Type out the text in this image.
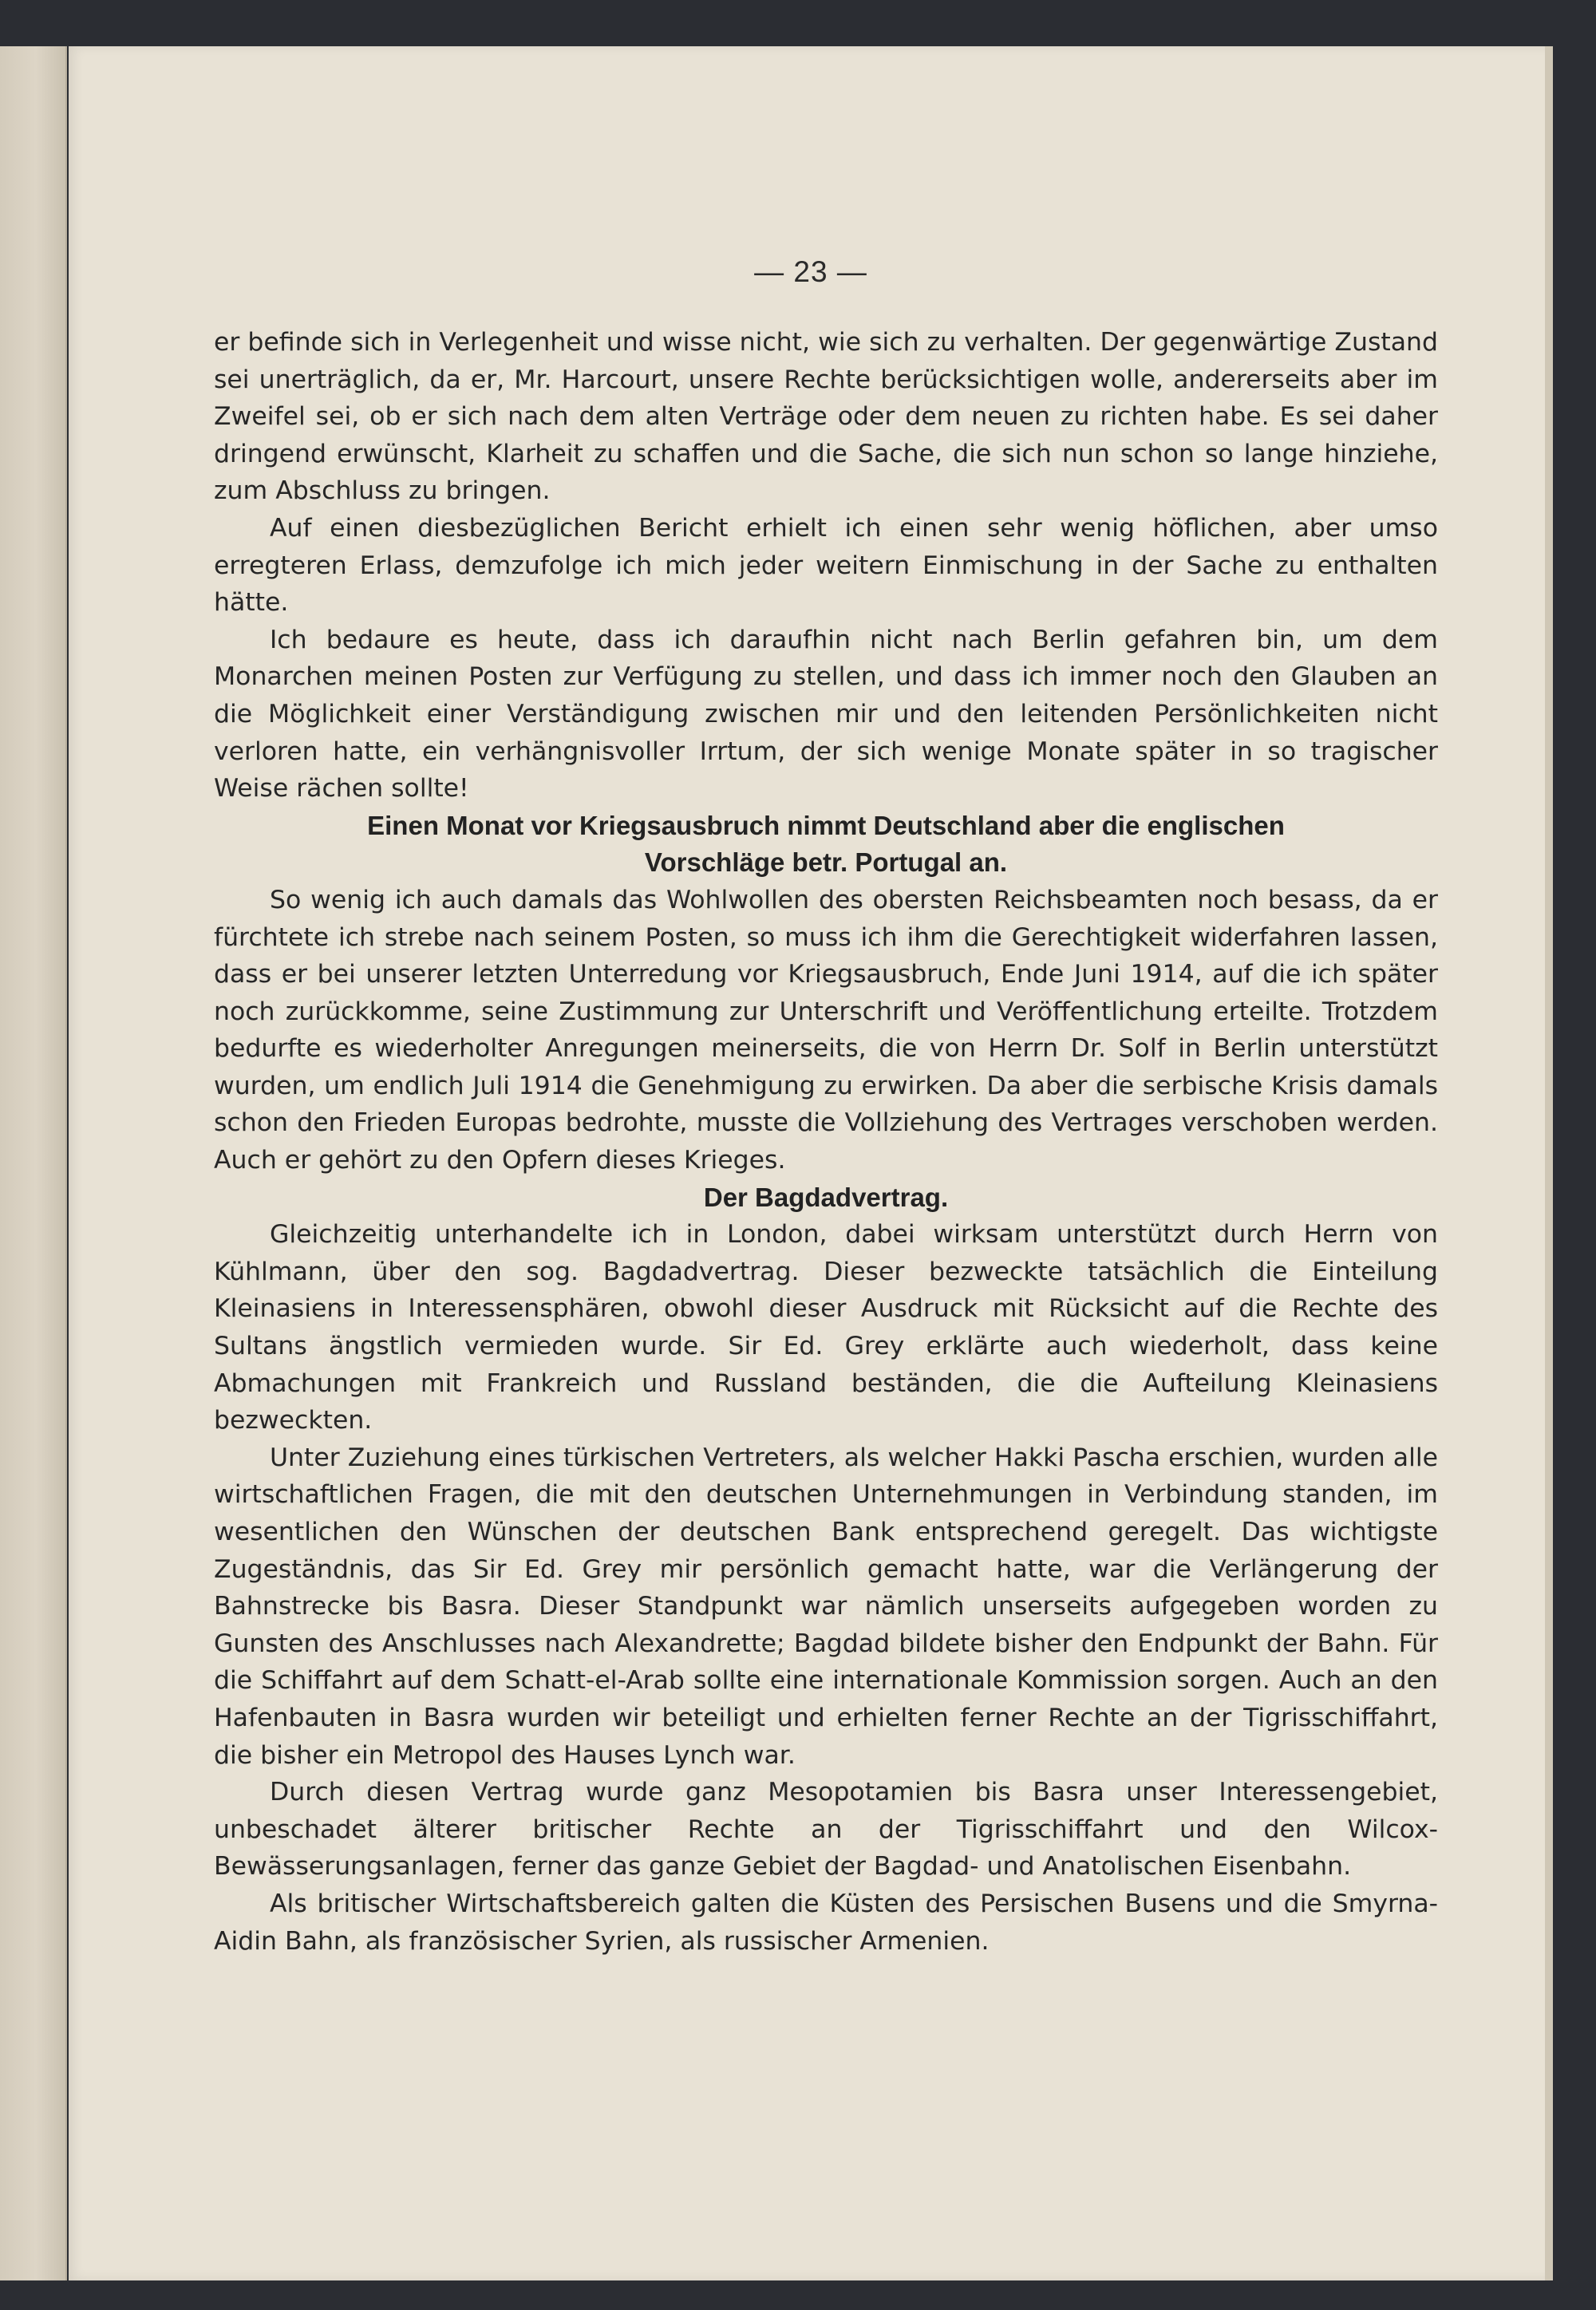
— 23 —

er befinde sich in Verlegenheit und wisse nicht, wie sich zu verhalten. Der gegenwärtige Zustand sei unerträglich, da er, Mr. Harcourt, unsere Rechte berücksichtigen wolle, andererseits aber im Zweifel sei, ob er sich nach dem alten Verträge oder dem neuen zu richten habe. Es sei daher dringend erwünscht, Klarheit zu schaffen und die Sache, die sich nun schon so lange hinziehe, zum Abschluss zu bringen.

Auf einen diesbezüglichen Bericht erhielt ich einen sehr wenig höflichen, aber umso erregteren Erlass, demzufolge ich mich jeder weitern Einmischung in der Sache zu enthalten hätte.

Ich bedaure es heute, dass ich daraufhin nicht nach Berlin gefahren bin, um dem Monarchen meinen Posten zur Verfügung zu stellen, und dass ich immer noch den Glauben an die Möglichkeit einer Verständigung zwischen mir und den leitenden Persönlichkeiten nicht verloren hatte, ein verhängnisvoller Irrtum, der sich wenige Monate später in so tragischer Weise rächen sollte!

Einen Monat vor Kriegsausbruch nimmt Deutschland aber die englischen
Vorschläge betr. Portugal an.

So wenig ich auch damals das Wohlwollen des obersten Reichsbeamten noch besass, da er fürchtete ich strebe nach seinem Posten, so muss ich ihm die Gerechtigkeit widerfahren lassen, dass er bei unserer letzten Unterredung vor Kriegsausbruch, Ende Juni 1914, auf die ich später noch zurückkomme, seine Zustimmung zur Unterschrift und Veröffentlichung erteilte. Trotzdem bedurfte es wiederholter Anregungen meinerseits, die von Herrn Dr. Solf in Berlin unterstützt wurden, um endlich Juli 1914 die Genehmigung zu erwirken. Da aber die serbische Krisis damals schon den Frieden Europas bedrohte, musste die Vollziehung des Vertrages verschoben werden. Auch er gehört zu den Opfern dieses Krieges.

Der Bagdadvertrag.

Gleichzeitig unterhandelte ich in London, dabei wirksam unterstützt durch Herrn von Kühlmann, über den sog. Bagdadvertrag. Dieser bezweckte tatsächlich die Einteilung Kleinasiens in Interessensphären, obwohl dieser Ausdruck mit Rücksicht auf die Rechte des Sultans ängstlich vermieden wurde. Sir Ed. Grey erklärte auch wiederholt, dass keine Abmachungen mit Frankreich und Russland beständen, die die Aufteilung Kleinasiens bezweckten.

Unter Zuziehung eines türkischen Vertreters, als welcher Hakki Pascha erschien, wurden alle wirtschaftlichen Fragen, die mit den deutschen Unternehmungen in Verbindung standen, im wesentlichen den Wünschen der deutschen Bank entsprechend geregelt. Das wichtigste Zugeständnis, das Sir Ed. Grey mir persönlich gemacht hatte, war die Verlängerung der Bahnstrecke bis Basra. Dieser Standpunkt war nämlich unserseits aufgegeben worden zu Gunsten des Anschlusses nach Alexandrette; Bagdad bildete bisher den Endpunkt der Bahn. Für die Schiffahrt auf dem Schatt-el-Arab sollte eine internationale Kommission sorgen. Auch an den Hafenbauten in Basra wurden wir beteiligt und erhielten ferner Rechte an der Tigrisschiffahrt, die bisher ein Metropol des Hauses Lynch war.

Durch diesen Vertrag wurde ganz Mesopotamien bis Basra unser Interessengebiet, unbeschadet älterer britischer Rechte an der Tigrisschiffahrt und den Wilcox-Bewässerungsanlagen, ferner das ganze Gebiet der Bagdad- und Anatolischen Eisenbahn.

Als britischer Wirtschaftsbereich galten die Küsten des Persischen Busens und die Smyrna-Aidin Bahn, als französischer Syrien, als russischer Armenien.
